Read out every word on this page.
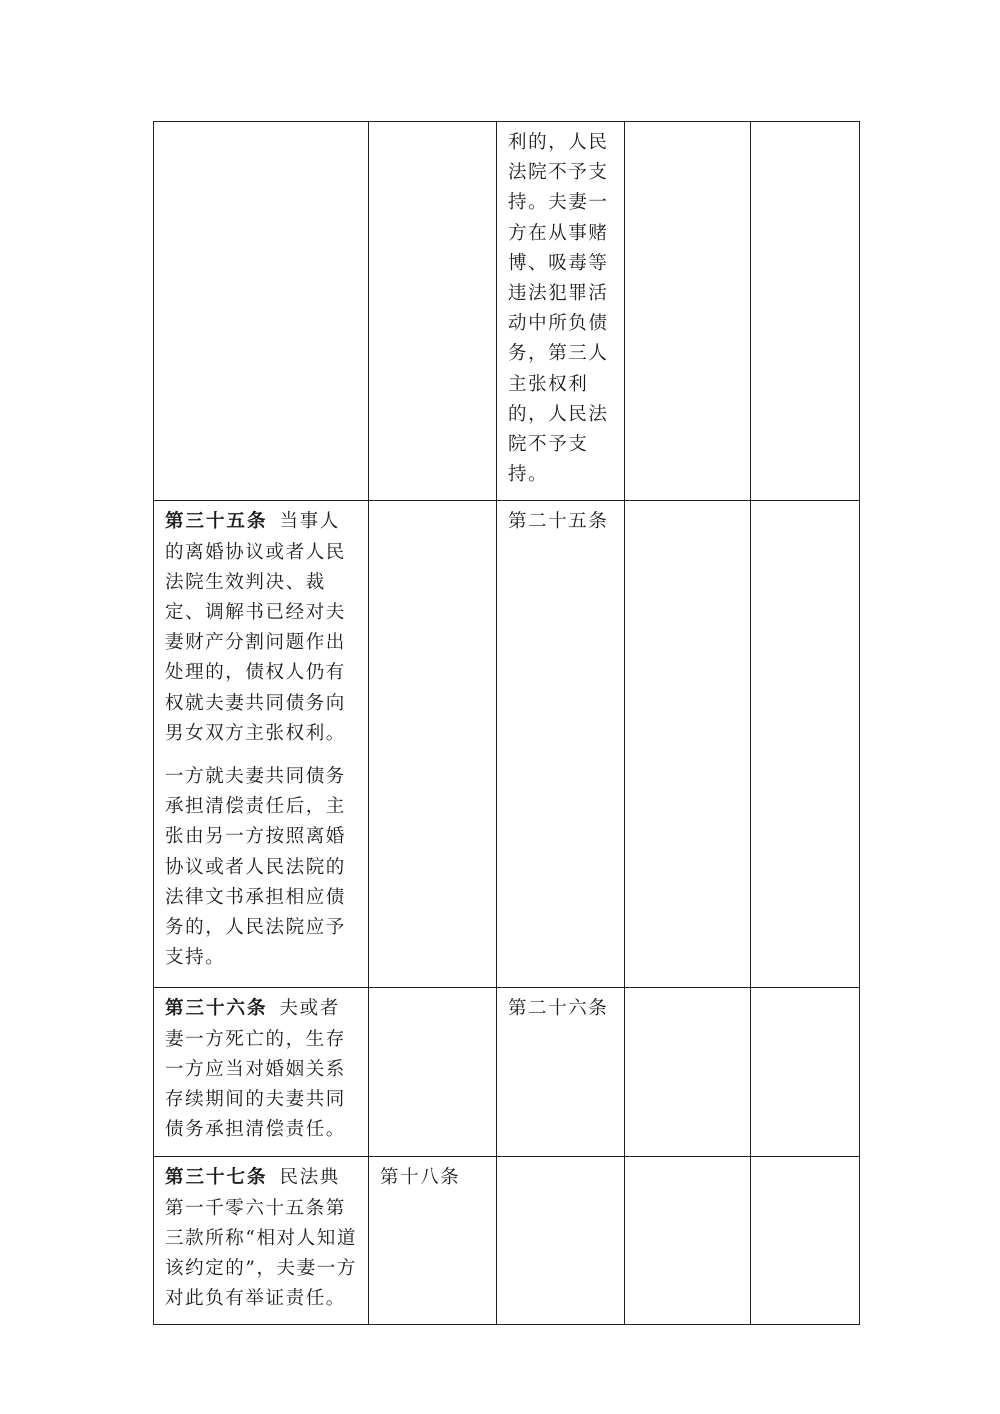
		利的，人民法院不予支持。夫妻一方在从事赌博、吸毒等违法犯罪活动中所负债务，第三人主张权利的，人民法院不予支持。		

第三十五条 当事人的离婚协议或者人民法院生效判决、裁定、调解书已经对夫妻财产分割问题作出处理的，债权人仍有权就夫妻共同债务向男女双方主张权利。

一方就夫妻共同债务承担清偿责任后，主张由另一方按照离婚协议或者人民法院的法律文书承担相应债务的，人民法院应予支持。		第二十五条		

第三十六条 夫或者妻一方死亡的，生存一方应当对婚姻关系存续期间的夫妻共同债务承担清偿责任。		第二十六条		

第三十七条 民法典第一千零六十五条第三款所称“相对人知道该约定的”，夫妻一方对此负有举证责任。	第十八条			
